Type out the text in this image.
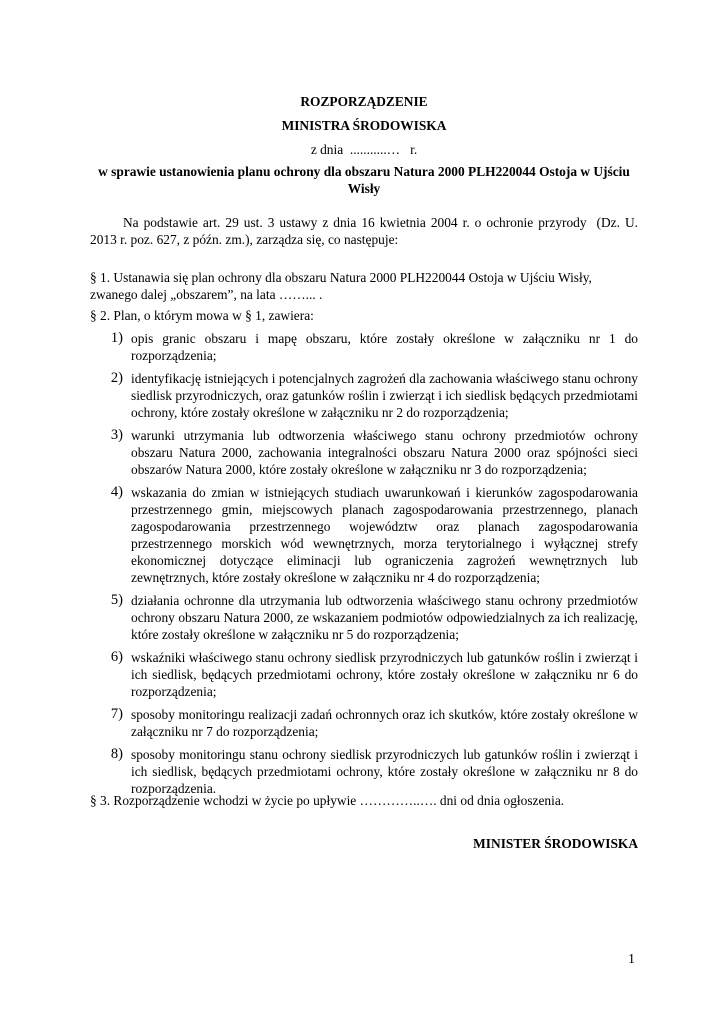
ROZPORZĄDZENIE
MINISTRA ŚRODOWISKA
z dnia  ...........…   r.
w sprawie ustanowienia planu ochrony dla obszaru Natura 2000 PLH220044 Ostoja w Ujściu Wisły

Na podstawie art. 29 ust. 3 ustawy z dnia 16 kwietnia 2004 r. o ochronie przyrody  (Dz. U. 2013 r. poz. 627, z późn. zm.), zarządza się, co następuje:

§ 1. Ustanawia się plan ochrony dla obszaru Natura 2000 PLH220044 Ostoja w Ujściu Wisły, zwanego dalej „obszarem”, na lata ……... .
§ 2. Plan, o którym mowa w § 1, zawiera:
1) opis granic obszaru i mapę obszaru, które zostały określone w załączniku nr 1 do rozporządzenia;
2) identyfikację istniejących i potencjalnych zagrożeń dla zachowania właściwego stanu ochrony siedlisk przyrodniczych, oraz gatunków roślin i zwierząt i ich siedlisk będących przedmiotami ochrony, które zostały określone w załączniku nr 2 do rozporządzenia;
3) warunki utrzymania lub odtworzenia właściwego stanu ochrony przedmiotów ochrony obszaru Natura 2000, zachowania integralności obszaru Natura 2000 oraz spójności sieci obszarów Natura 2000, które zostały określone w załączniku nr 3 do rozporządzenia;
4) wskazania do zmian w istniejących studiach uwarunkowań i kierunków zagospodarowania przestrzennego gmin, miejscowych planach zagospodarowania przestrzennego, planach zagospodarowania przestrzennego województw oraz planach zagospodarowania przestrzennego morskich wód wewnętrznych, morza terytorialnego i wyłącznej strefy ekonomicznej dotyczące eliminacji lub ograniczenia zagrożeń wewnętrznych lub zewnętrznych, które zostały określone w załączniku nr 4 do rozporządzenia;
5) działania ochronne dla utrzymania lub odtworzenia właściwego stanu ochrony przedmiotów ochrony obszaru Natura 2000, ze wskazaniem podmiotów odpowiedzialnych za ich realizację, które zostały określone w załączniku nr 5 do rozporządzenia;
6) wskaźniki właściwego stanu ochrony siedlisk przyrodniczych lub gatunków roślin i zwierząt i ich siedlisk, będących przedmiotami ochrony, które zostały określone w załączniku nr 6 do rozporządzenia;
7) sposoby monitoringu realizacji zadań ochronnych oraz ich skutków, które zostały określone w załączniku nr 7 do rozporządzenia;
8) sposoby monitoringu stanu ochrony siedlisk przyrodniczych lub gatunków roślin i zwierząt i ich siedlisk, będących przedmiotami ochrony, które zostały określone w załączniku nr 8 do rozporządzenia.
§ 3. Rozporządzenie wchodzi w życie po upływie …………..…. dni od dnia ogłoszenia.
MINISTER ŚRODOWISKA
1
